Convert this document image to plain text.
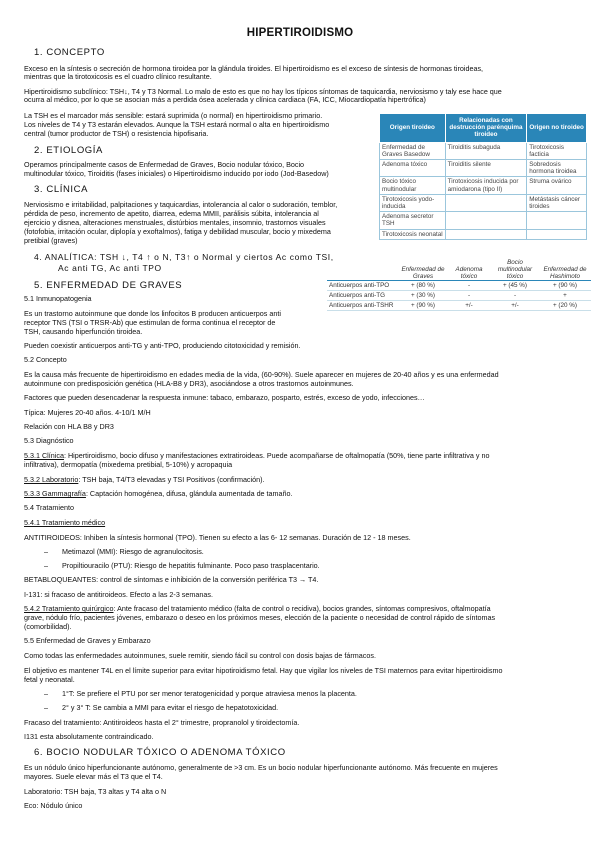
HIPERTIROIDISMO
1. CONCEPTO
Exceso en la síntesis o secreción de hormona tiroidea por la glándula tiroides. El hipertiroidismo es el exceso de síntesis de hormonas tiroideas,
mientras que la tirotoxicosis es el cuadro clínico resultante.
Hipertiroidismo subclínico: TSH↓, T4 y T3 Normal. Lo malo de esto es que no hay los típicos síntomas de taquicardia, nerviosismo y taly ese hace que
ocurra al médico, por lo que se asocian más a perdida ósea acelerada y clínica cardiaca (FA, ICC, Miocardiopatía hipertrófica)
La TSH es el marcador más sensible: estará suprimida (o normal) en hipertiroidismo primario.
Los niveles de T4 y T3 estarán elevados. Aunque la TSH estará normal o alta en hipertiroidismo
central (tumor productor de TSH) o resistencia hipofisaria.
2. ETIOLOGÍA
Operamos principalmente casos de Enfermedad de Graves, Bocio nodular tóxico, Bocio
multinodular tóxico, Tiroiditis (fases iniciales) o Hipertiroidismo inducido por iodo (Jod-Basedow)
3. CLÍNICA
Nerviosismo e irritabilidad, palpitaciones y taquicardias, intolerancia al calor o sudoración, temblor,
pérdida de peso, incremento de apetito, diarrea, edema MMII, parálisis súbita, intolerancia al
ejercicio y disnea, alteraciones menstruales, distúrbios mentales, insomnio, trastornos visuales
(fotofobia, irritación ocular, diplopía y exoftalmos), fatiga y debilidad muscular, bocio y mixedema
pretibial (graves)
4. ANALÍTICA: TSH ↓, T4 ↑ o N, T3↑ o Normal y ciertos Ac como TSI,
Ac anti TG, Ac anti TPO
5. ENFERMEDAD DE GRAVES
5.1 Inmunopatogenia
Es un trastorno autoinmune que donde los linfocitos B producen anticuerpos anti
receptor TNS (TSI o TRSR-Ab) que estimulan de forma continua el receptor de
TSH, causando hiperfunción tiroidea.
Pueden coexistir anticuerpos anti-TG y anti-TPO, produciendo citotoxicidad y remisión.
5.2 Concepto
Es la causa más frecuente de hipertiroidismo en edades media de la vida, (60-90%). Suele aparecer en mujeres de 20-40 años y es una enfermedad
autoinmune con predisposición genética (HLA-B8 y DR3), asociándose a otros trastornos autoinmunes.
Factores que pueden desencadenar la respuesta inmune: tabaco, embarazo, posparto, estrés, exceso de yodo, infecciones…
Típica: Mujeres 20-40 años. 4-10/1 M/H
Relación con HLA B8 y DR3
5.3 Diagnóstico
5.3.1 Clínica: Hipertiroidismo, bocio difuso y manifestaciones extratiroideas. Puede acompañarse de oftalmopatía (50%, tiene parte infiltrativa y no
infiltrativa), dermopatía (mixedema pretibial, 5-10%) y acropaquia
5.3.2 Laboratorio: TSH baja, T4/T3 elevadas y TSI Positivos (confirmación).
5.3.3 Gammagrafía: Captación homogénea, difusa, glándula aumentada de tamaño.
5.4 Tratamiento
5.4.1 Tratamiento médico
ANTITIROIDEOS: Inhiben la síntesis hormonal (TPO). Tienen su efecto a las 6- 12 semanas. Duración de 12 - 18 meses.
– Metimazol (MMI): Riesgo de agranulocitosis.
– Propiltiouracilo (PTU): Riesgo de hepatitis fulminante. Poco paso trasplacentario.
BETABLOQUEANTES: control de síntomas e inhibición de la conversión periférica T3 → T4.
I-131: si fracaso de antitiroideos. Efecto a las 2-3 semanas.
5.4.2 Tratamiento quirúrgico: Ante fracaso del tratamiento médico (falta de control o recidiva), bocios grandes, síntomas compresivos, oftalmopatía
grave, nódulo frío, pacientes jóvenes, embarazo o deseo en los próximos meses, elección de la paciente o necesidad de control rápido de síntomas
(comorbilidad).
5.5 Enfermedad de Graves y Embarazo
Como todas las enfermedades autoinmunes, suele remitir, siendo fácil su control con dosis bajas de fármacos.
El objetivo es mantener T4L en el límite superior para evitar hipotiroidismo fetal. Hay que vigilar los niveles de TSI maternos para evitar hipertiroidismo
fetal y neonatal.
– 1°T: Se prefiere el PTU por ser menor teratogenicidad y porque atraviesa menos la placenta.
– 2° y 3° T: Se cambia a MMI para evitar el riesgo de hepatotoxicidad.
Fracaso del tratamiento: Antitiroideos hasta el 2° trimestre, propranolol y tiroidectomía.
I131 esta absolutamente contraindicado.
6. BOCIO NODULAR TÓXICO O ADENOMA TÓXICO
Es un nódulo único hiperfuncionante autónomo, generalmente de >3 cm. Es un bocio nodular hiperfuncionante autónomo. Más frecuente en mujeres
mayores. Suele elevar más el T3 que el T4.
Laboratorio: TSH baja, T3 altas y T4 alta o N
Eco: Nódulo único
Origen tiroideo	Relacionadas con destrucción parénquima tiroideo	Origen no tiroideo
Enfermedad de Graves Basedow	Tiroiditis subaguda	Tirotoxicosis facticia
Adenoma tóxico	Tiroiditis silente	Sobredosis hormona tiroidea
Bocio tóxico multinodular	Tirotoxicosis inducida por amiodarona (tipo II)	Struma ovárico
Tirotoxicosis yodo-inducida		Metástasis cáncer tiroides
Adenoma secretor TSH		
Tirotoxicosis neonatal		
	Enfermedad de Graves	Adenoma tóxico	Bocio multinodular tóxico	Enfermedad de Hashimoto
Anticuerpos anti-TPO	+ (80 %)	-	+ (45 %)	+ (90 %)
Anticuerpos anti-TG	+ (30 %)	-	-	+
Anticuerpos anti-TSHR	+ (90 %)	+/-	+/-	+ (20 %)
